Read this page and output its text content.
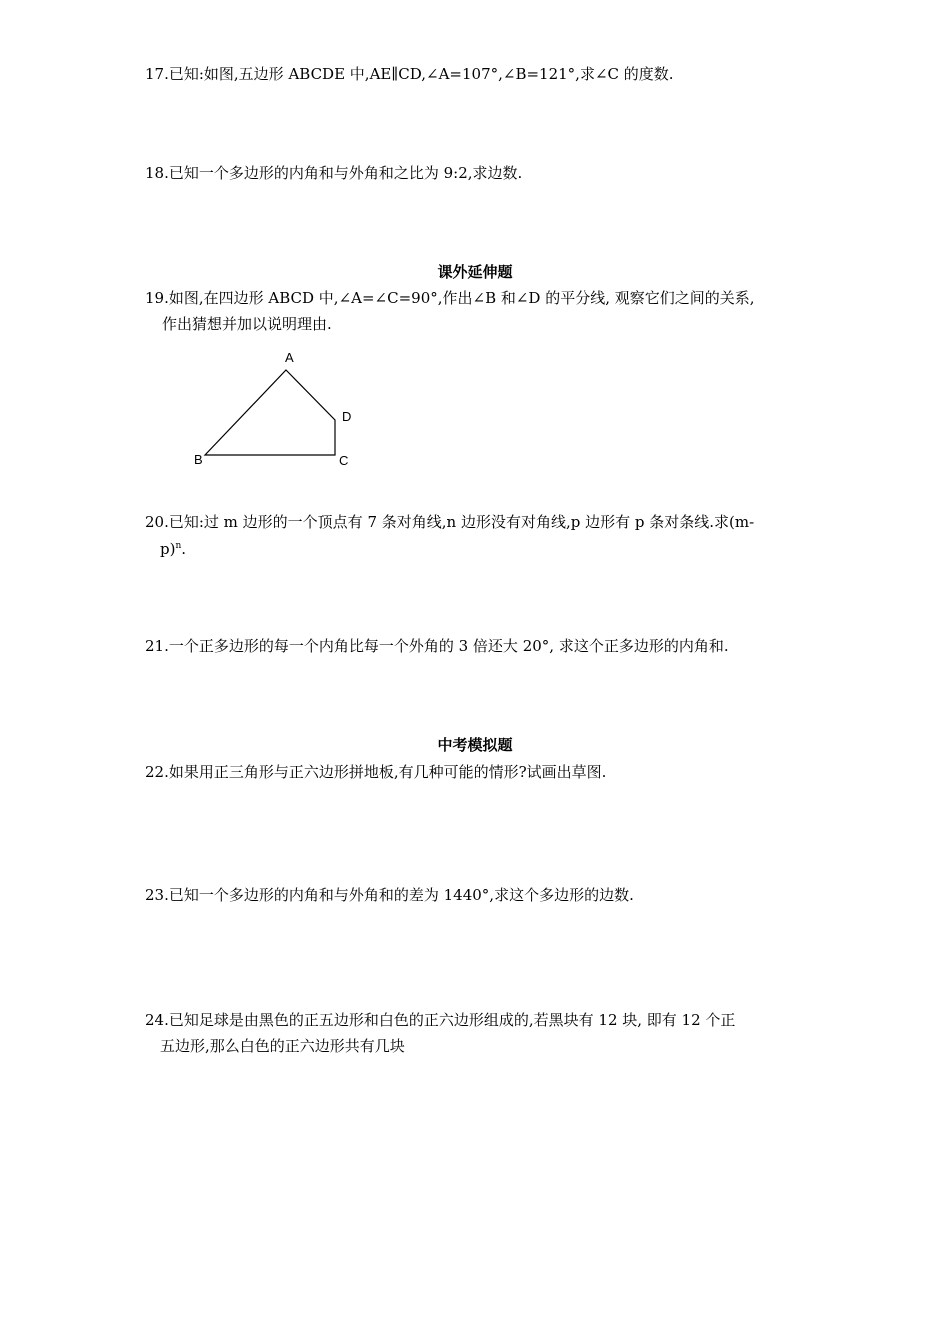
17.已知:如图,五边形 ABCDE 中,AE∥CD,∠A=107°,∠B=121°,求∠C 的度数.
18.已知一个多边形的内角和与外角和之比为 9:2,求边数.
课外延伸题
19.如图,在四边形 ABCD 中,∠A=∠C=90°,作出∠B 和∠D 的平分线, 观察它们之间的关系,
作出猜想并加以说明理由.
A
D
B	C
20.已知:过 m 边形的一个顶点有 7 条对角线,n 边形没有对角线,p 边形有 p 条对条线.求(m-
p)$^n$.
21.一个正多边形的每一个内角比每一个外角的 3 倍还大 20°, 求这个正多边形的内角和.
中考模拟题
22.如果用正三角形与正六边形拼地板,有几种可能的情形?试画出草图.
23.已知一个多边形的内角和与外角和的差为 1440°,求这个多边形的边数.
24.已知足球是由黑色的正五边形和白色的正六边形组成的,若黑块有 12 块, 即有 12 个正
五边形,那么白色的正六边形共有几块
